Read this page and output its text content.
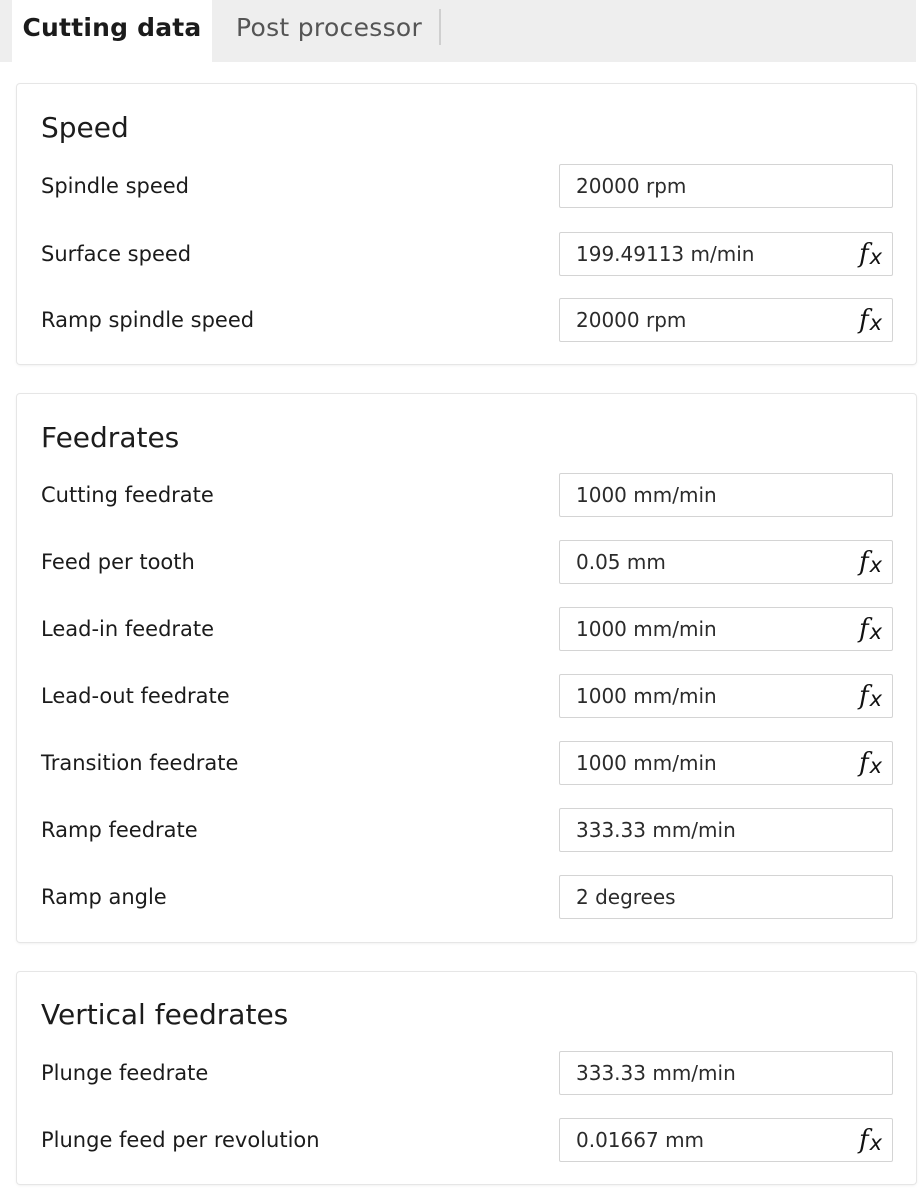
Cutting data	Post processor
Speed
Spindle speed	20000 rpm
Surface speed	199.49113 m/min	fx
Ramp spindle speed	20000 rpm	fx
Feedrates
Cutting feedrate	1000 mm/min
Feed per tooth	0.05 mm	fx
Lead-in feedrate	1000 mm/min	fx
Lead-out feedrate	1000 mm/min	fx
Transition feedrate	1000 mm/min	fx
Ramp feedrate	333.33 mm/min
Ramp angle	2 degrees
Vertical feedrates
Plunge feedrate	333.33 mm/min
Plunge feed per revolution	0.01667 mm	fx
